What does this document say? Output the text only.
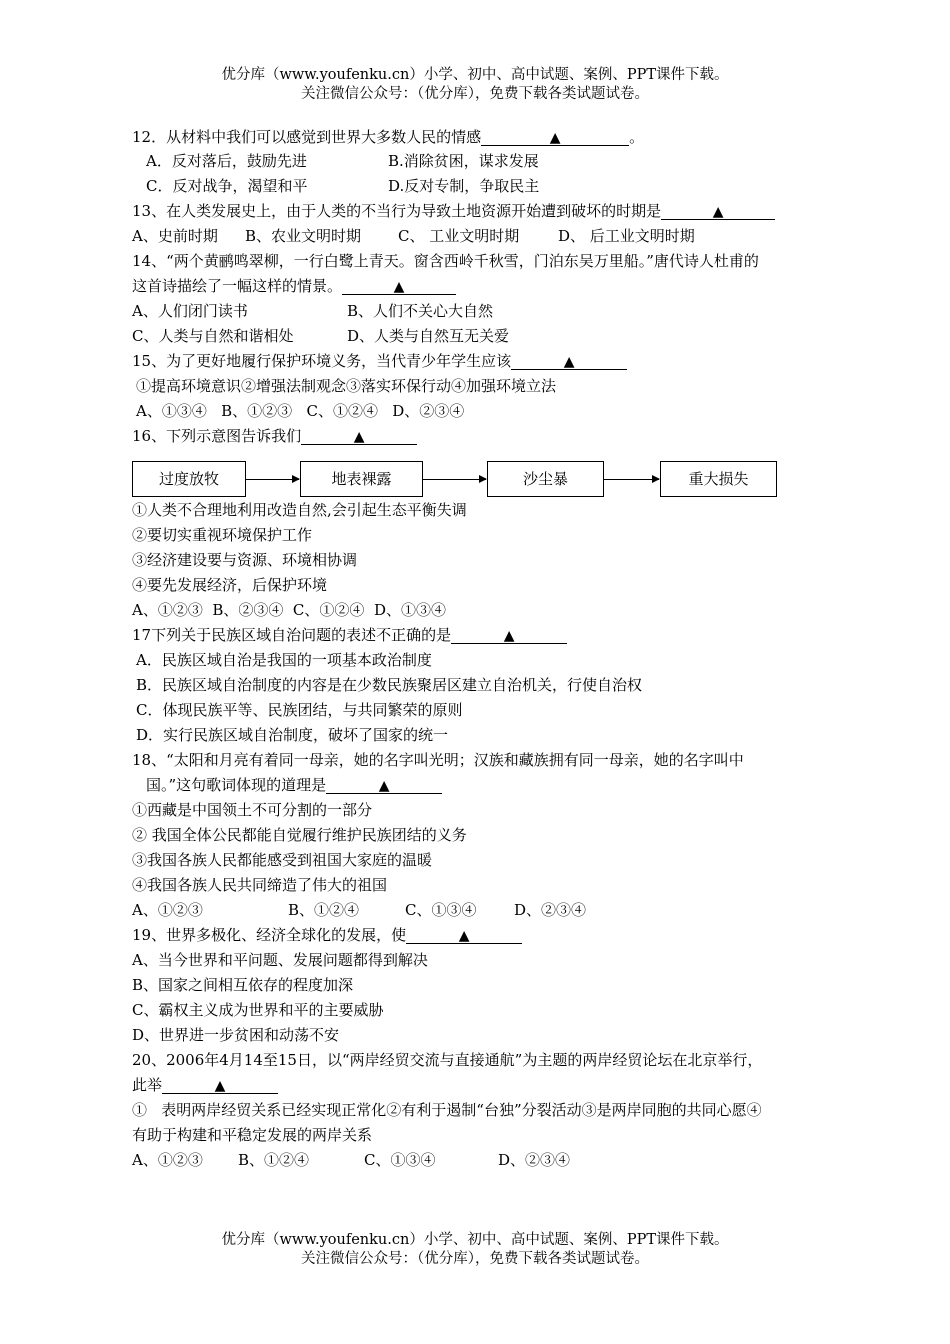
优分库（www.youfenku.cn）小学、初中、高中试题、案例、PPT课件下载。
关注微信公众号：（优分库），免费下载各类试题试卷。
12．从材料中我们可以感觉到世界大多数人民的情感	▲	。
A．反对落后，鼓励先进	B.消除贫困，谋求发展
C．反对战争，渴望和平	D.反对专制，争取民主
13、在人类发展史上，由于人类的不当行为导致土地资源开始遭到破坏的时期是	▲
A、史前时期 B、农业文明时期 C、 工业文明时期	D、 后工业文明时期
14、“两个黄鹂鸣翠柳，一行白鹭上青天。窗含西岭千秋雪，门泊东吴万里船。”唐代诗人杜甫的
这首诗描绘了一幅这样的情景。	▲
A、人们闭门读书	B、人们不关心大自然
C、人类与自然和谐相处	D、人类与自然互无关爱
15、为了更好地履行保护环境义务，当代青少年学生应该	▲
①提高环境意识②增强法制观念③落实环保行动④加强环境立法
A、①③④   B、①②③   C、①②④   D、②③④
16、下列示意图告诉我们	▲
过度放牧	地表裸露	沙尘暴	重大损失
①人类不合理地利用改造自然,会引起生态平衡失调
②要切实重视环境保护工作
③经济建设要与资源、环境相协调
④要先发展经济，后保护环境
A、①②③  B、②③④  C、①②④  D、①③④
17下列关于民族区域自治问题的表述不正确的是	▲
A．民族区域自治是我国的一项基本政治制度
B．民族区域自治制度的内容是在少数民族聚居区建立自治机关，行使自治权
C．体现民族平等、民族团结，与共同繁荣的原则
D．实行民族区域自治制度，破坏了国家的统一
18、“太阳和月亮有着同一母亲，她的名字叫光明；汉族和藏族拥有同一母亲，她的名字叫中
国。”这句歌词体现的道理是	▲
①西藏是中国领土不可分割的一部分
② 我国全体公民都能自觉履行维护民族团结的义务
③我国各族人民都能感受到祖国大家庭的温暖
④我国各族人民共同缔造了伟大的祖国
A、①②③	B、①②④	C、①③④	D、②③④
19、世界多极化、经济全球化的发展，使	▲
A、当今世界和平问题、发展问题都得到解决
B、国家之间相互依存的程度加深
C、霸权主义成为世界和平的主要威胁
D、世界进一步贫困和动荡不安
20、2006年4月14至15日，以“两岸经贸交流与直接通航”为主题的两岸经贸论坛在北京举行，
此举	▲
①   表明两岸经贸关系已经实现正常化②有利于遏制“台独”分裂活动③是两岸同胞的共同心愿④
有助于构建和平稳定发展的两岸关系
A、①②③ B、①②④	C、①③④	D、②③④
优分库（www.youfenku.cn）小学、初中、高中试题、案例、PPT课件下载。
关注微信公众号：（优分库），免费下载各类试题试卷。
